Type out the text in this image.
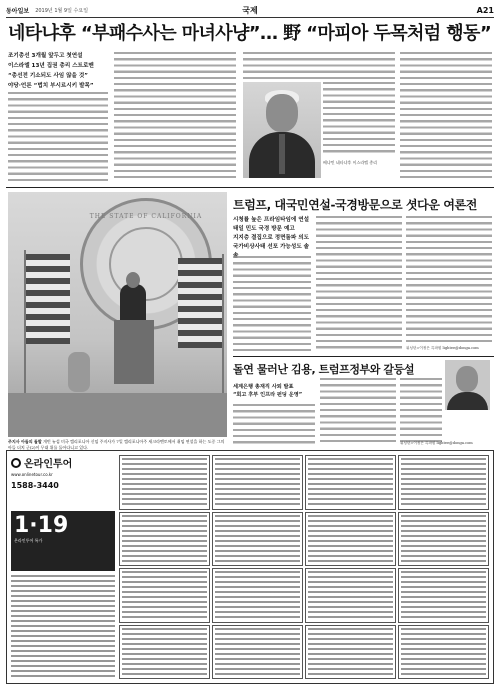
동아일보 2019년 1월 9일 수요일	국제	A21
네타냐후 “부패수사는 마녀사냥”… 野 “마피아 두목처럼 행동”
조기총선 3개월 앞두고 첫연설
이스라엘 13년 집권 총리 스트로맨
“총선전 기소되도 사임 않을 것”
야당·언론 “법치 부시르시키 발목”
베냐민 네타냐후 이스라엘 총리
THE STATE OF CALIFORNIA
주지사 아들의 돌발 개빈 뉴섬 미국 캘리포니아 신임 주지사가 7일 캘리포니아주 새크라멘토에서 취임 연설을 하는 도중 그의 아들 더치 군(2)이 무대 위를 돌아다니고 있다.
트럼프, 대국민연설-국경방문으로 셧다운 여론전
시청률 높은 프라임타임에 연설
태일 민도 국경 방문 예고
지지층 결집으로 정면돌파 의도
국가비상사태 선포 가능성도 솔
워싱턴=이정은 특파원 lightee@donga.com
돌연 물러난 김용, 트럼프정부와 갈등설
세계은행 총재직 사퇴 발표
“회고 후부 인프라 펀딩 운영”
워싱턴=이정은 특파원 lightee@donga.com
온라인투어
www.onlinetour.co.kr
1588-3440
1·19
온라인투어 특가
